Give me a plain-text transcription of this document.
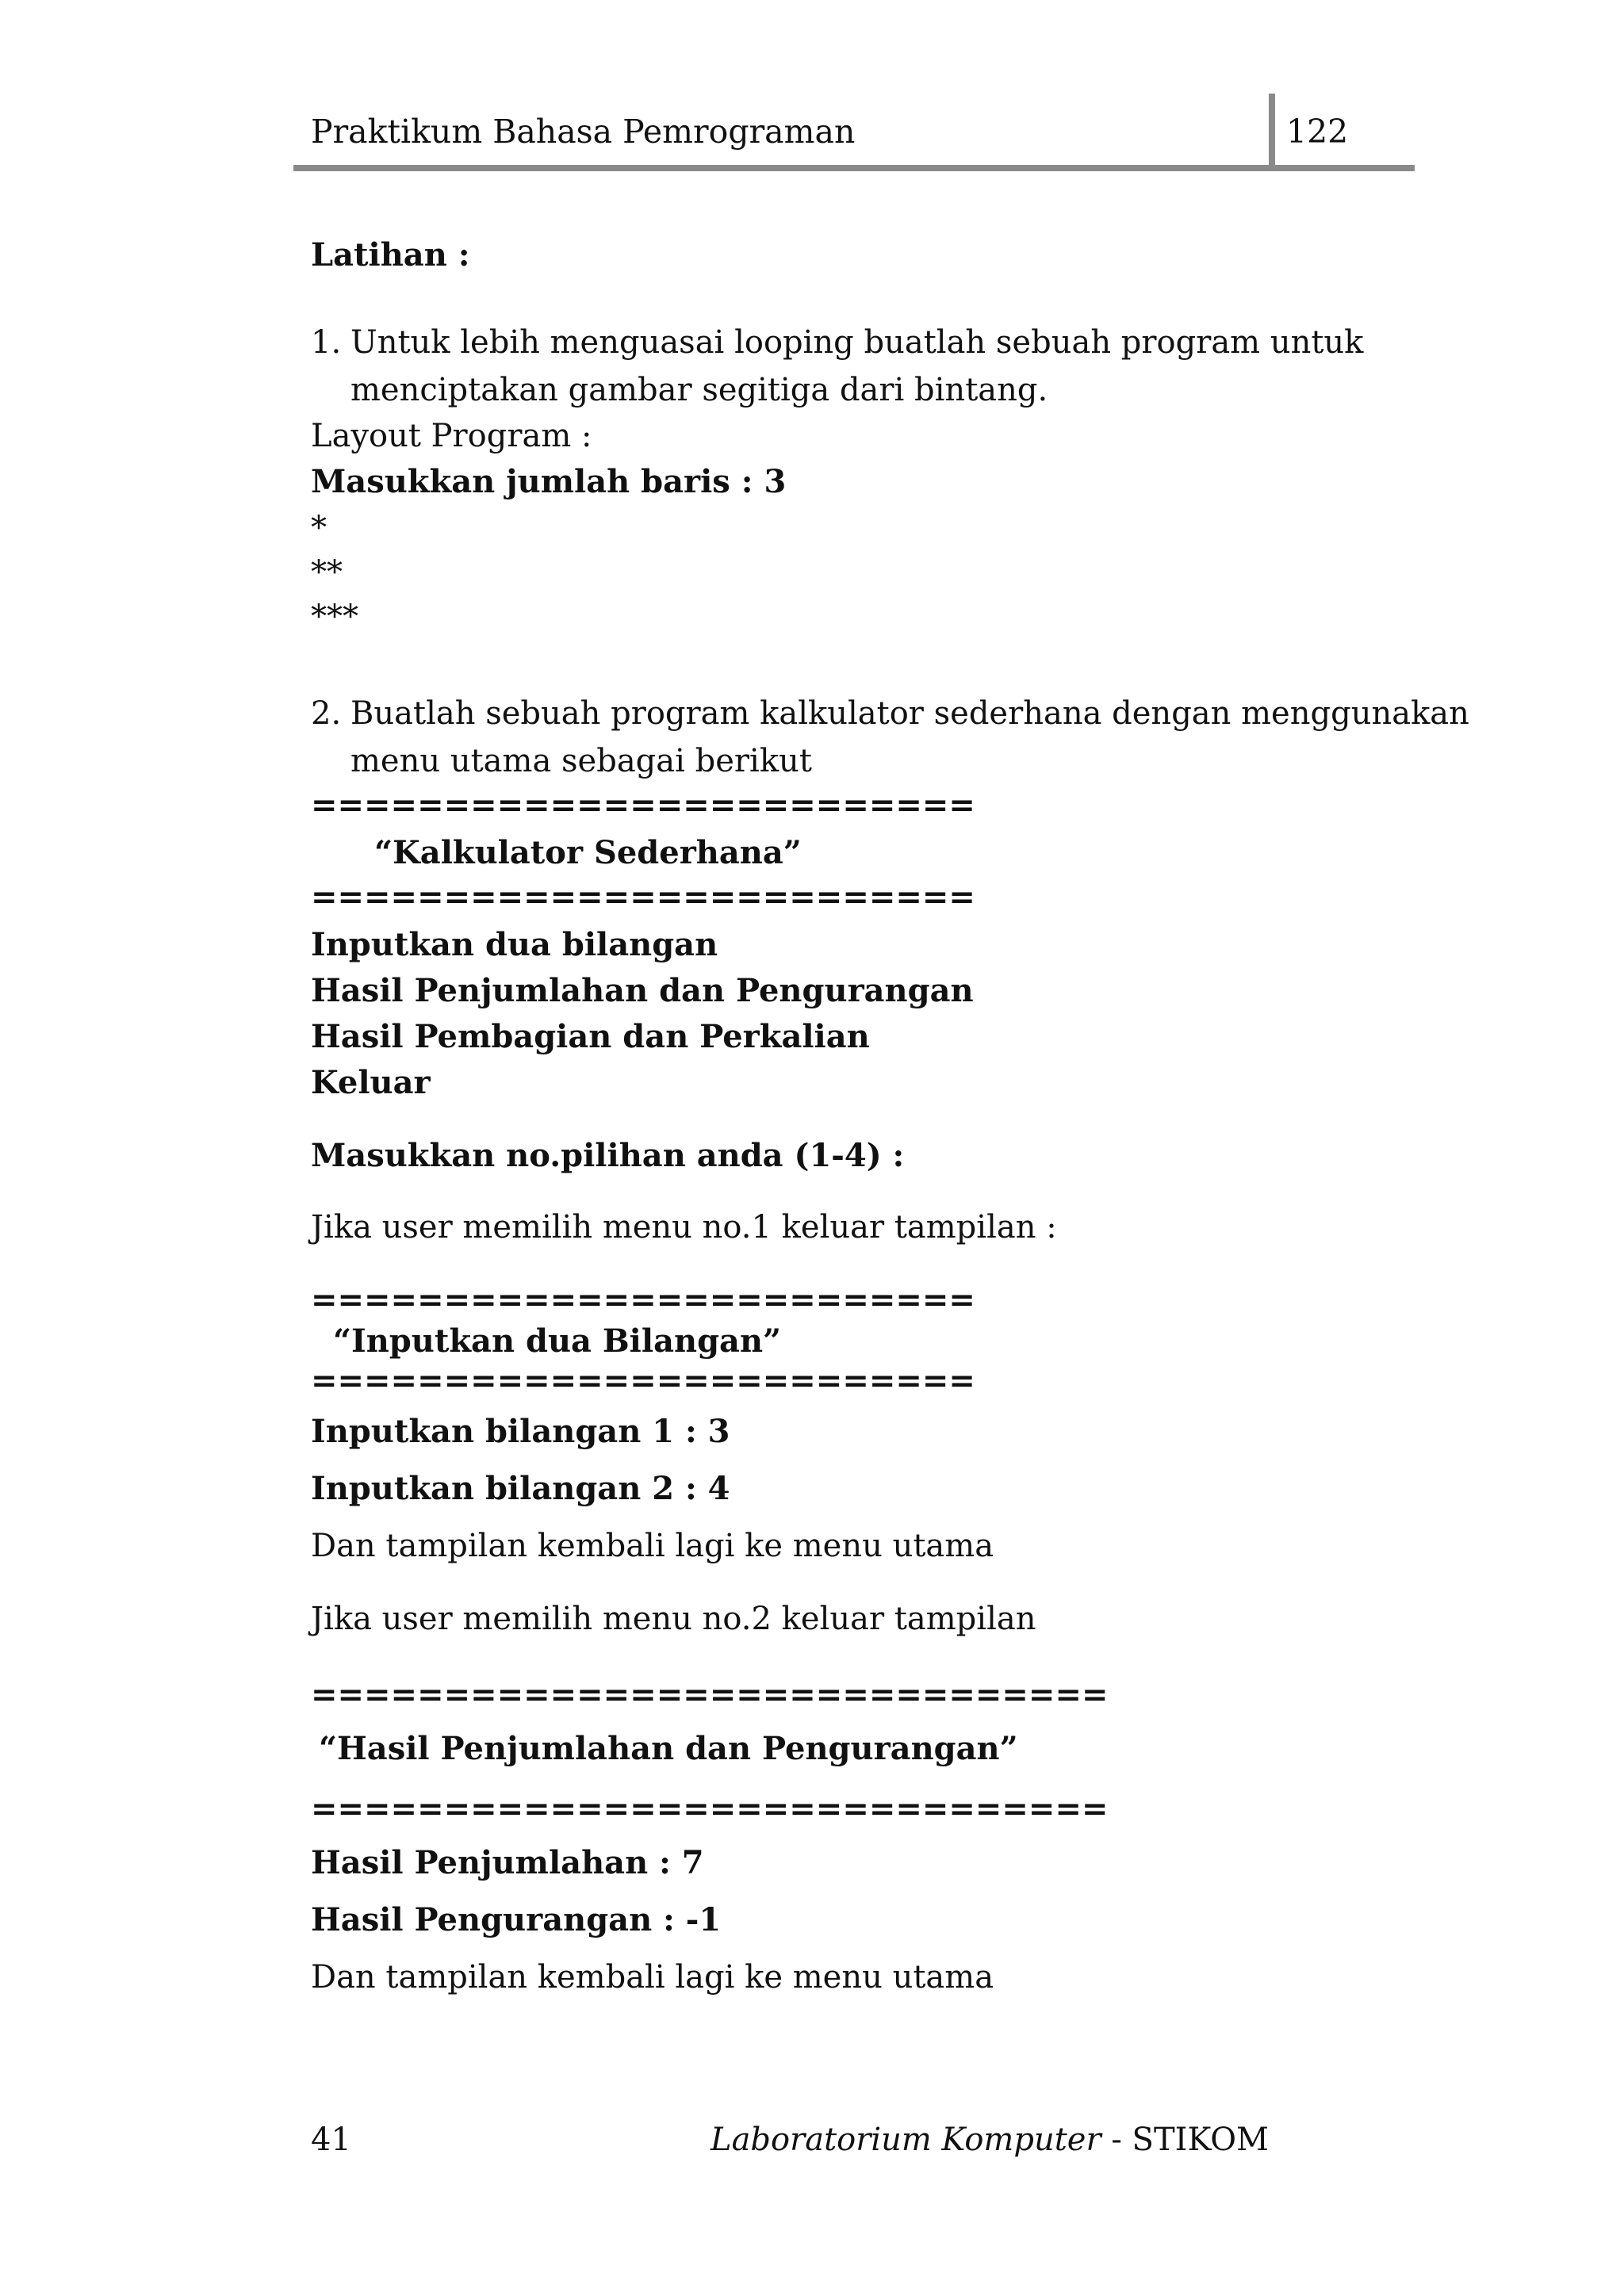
Praktikum Bahasa Pemrograman	122
Latihan :
1. Untuk lebih menguasai looping buatlah sebuah program untuk
menciptakan gambar segitiga dari bintang.
Layout Program :
Masukkan jumlah baris : 3
*
**
***
2. Buatlah sebuah program kalkulator sederhana dengan menggunakan
menu utama sebagai berikut
=========================
“Kalkulator Sederhana”
=========================
Inputkan dua bilangan
Hasil Penjumlahan dan Pengurangan
Hasil Pembagian dan Perkalian
Keluar
Masukkan no.pilihan anda (1-4) :
Jika user memilih menu no.1 keluar tampilan :
=========================
“Inputkan dua Bilangan”
=========================
Inputkan bilangan 1 : 3
Inputkan bilangan 2 : 4
Dan tampilan kembali lagi ke menu utama
Jika user memilih menu no.2 keluar tampilan
==============================
“Hasil Penjumlahan dan Pengurangan”
==============================
Hasil Penjumlahan : 7
Hasil Pengurangan : -1
Dan tampilan kembali lagi ke menu utama
41	Laboratorium Komputer - STIKOM
